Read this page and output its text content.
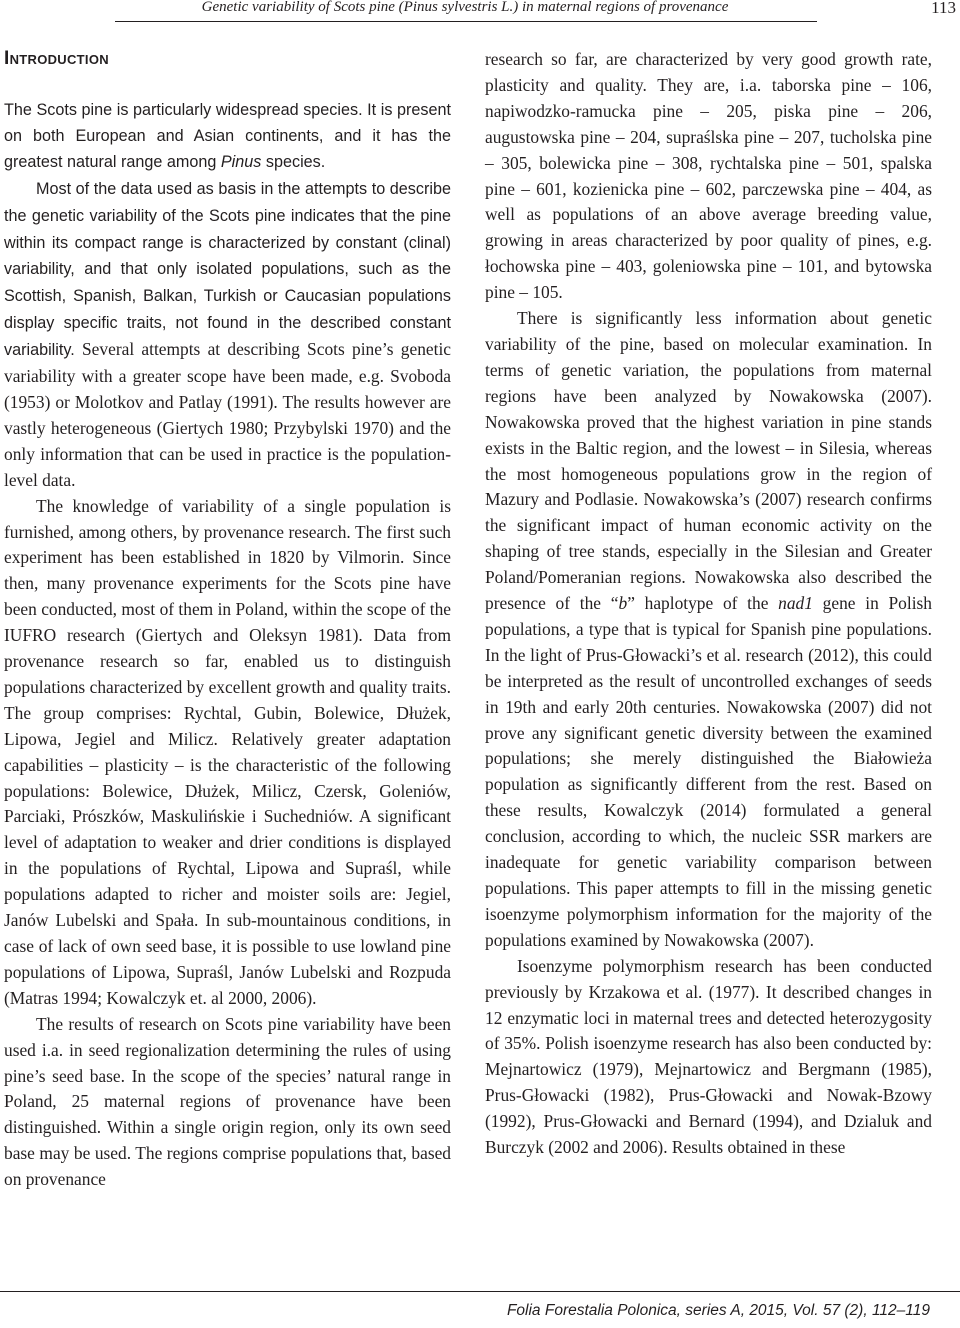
Genetic variability of Scots pine (Pinus sylvestris L.) in maternal regions of provenance	113
Introduction

The Scots pine is particularly widespread species. It is present on both European and Asian continents, and it has the greatest natural range among Pinus species.

Most of the data used as basis in the attempts to describe the genetic variability of the Scots pine indicates that the pine within its compact range is characterized by constant (clinal) variability, and that only isolated populations, such as the Scottish, Spanish, Balkan, Turkish or Caucasian populations display specific traits, not found in the described constant variability. Several attempts at describing Scots pine’s genetic variability with a greater scope have been made, e.g. Svoboda (1953) or Molotkov and Patlay (1991). The results however are vastly heterogeneous (Giertych 1980; Przybylski 1970) and the only information that can be used in practice is the population-level data.

The knowledge of variability of a single population is furnished, among others, by provenance research. The first such experiment has been established in 1820 by Vilmorin. Since then, many provenance experiments for the Scots pine have been conducted, most of them in Poland, within the scope of the IUFRO research (Giertych and Oleksyn 1981). Data from provenance research so far, enabled us to distinguish populations characterized by excellent growth and quality traits. The group comprises: Rychtal, Gubin, Bolewice, Dłużek, Lipowa, Jegiel and Milicz. Relatively greater adaptation capabilities – plasticity – is the characteristic of the following populations: Bolewice, Dłużek, Milicz, Czersk, Goleniów, Parciaki, Prószków, Maskulińskie i Suchedniów. A significant level of adaptation to weaker and drier conditions is displayed in the populations of Rychtal, Lipowa and Supraśl, while populations adapted to richer and moister soils are: Jegiel, Janów Lubelski and Spała. In sub-mountainous conditions, in case of lack of own seed base, it is possible to use lowland pine populations of Lipowa, Supraśl, Janów Lubelski and Rozpuda (Matras 1994; Kowalczyk et. al 2000, 2006).

The results of research on Scots pine variability have been used i.a. in seed regionalization determining the rules of using pine’s seed base. In the scope of the species’ natural range in Poland, 25 maternal regions of provenance have been distinguished. Within a single origin region, only its own seed base may be used. The regions comprise populations that, based on provenance

research so far, are characterized by very good growth rate, plasticity and quality. They are, i.a. taborska pine – 106, napiwodzko-ramucka pine – 205, piska pine – 206, augustowska pine – 204, supraślska pine – 207, tucholska pine – 305, bolewicka pine – 308, rychtalska pine – 501, spalska pine – 601, kozienicka pine – 602, parczewska pine – 404, as well as populations of an above average breeding value, growing in areas characterized by poor quality of pines, e.g. łochowska pine – 403, goleniowska pine – 101, and bytowska pine – 105.

There is significantly less information about genetic variability of the pine, based on molecular examination. In terms of genetic variation, the populations from maternal regions have been analyzed by Nowakowska (2007). Nowakowska proved that the highest variation in pine stands exists in the Baltic region, and the lowest – in Silesia, whereas the most homogeneous populations grow in the region of Mazury and Podlasie. Nowakowska’s (2007) research confirms the significant impact of human economic activity on the shaping of tree stands, especially in the Silesian and Greater Poland/Pomeranian regions. Nowakowska also described the presence of the “b” haplotype of the nad1 gene in Polish populations, a type that is typical for Spanish pine populations. In the light of Prus-Głowacki’s et al. research (2012), this could be interpreted as the result of uncontrolled exchanges of seeds in 19th and early 20th centuries. Nowakowska (2007) did not prove any significant genetic diversity between the examined populations; she merely distinguished the Białowieża population as significantly different from the rest. Based on these results, Kowalczyk (2014) formulated a general conclusion, according to which, the nucleic SSR markers are inadequate for genetic variability comparison between populations. This paper attempts to fill in the missing genetic isoenzyme polymorphism information for the majority of the populations examined by Nowakowska (2007).

Isoenzyme polymorphism research has been conducted previously by Krzakowa et al. (1977). It described changes in 12 enzymatic loci in maternal trees and detected heterozygosity of 35%. Polish isoenzyme research has also been conducted by: Mejnartowicz (1979), Mejnartowicz and Bergmann (1985), Prus-Głowacki (1982), Prus-Głowacki and Nowak-Bzowy (1992), Prus-Głowacki and Bernard (1994), and Dzialuk and Burczyk (2002 and 2006). Results obtained in these

Folia Forestalia Polonica, series A, 2015, Vol. 57 (2), 112–119
